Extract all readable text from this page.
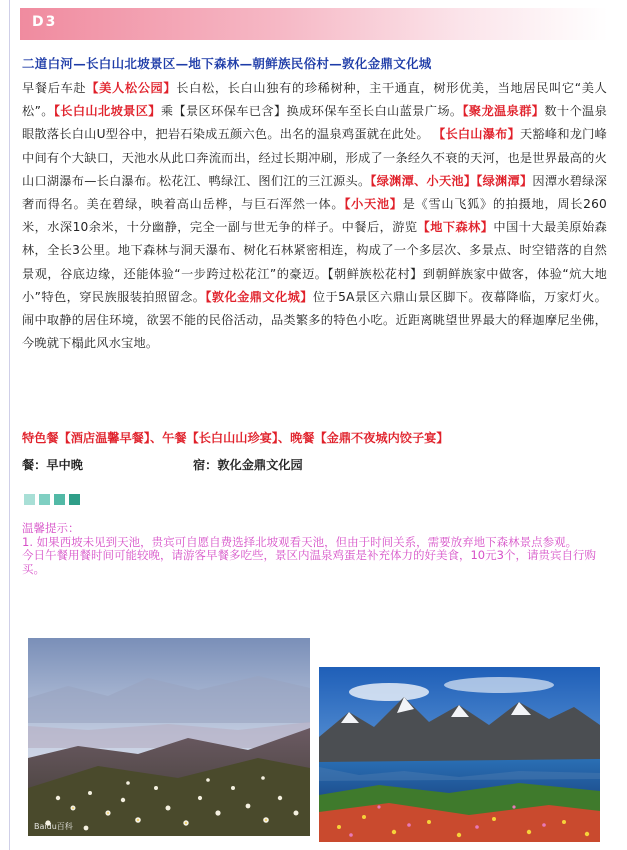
D3
二道白河—长白山北坡景区—地下森林—朝鲜族民俗村—敦化金鼎文化城
早餐后车赴【美人松公园】长白松，长白山独有的珍稀树种，主干通直，树形优美，当地居民叫它“美人松”。【长白山北坡景区】乘【景区环保车已含】换成环保车至长白山蓝景广场。【聚龙温泉群】数十个温泉眼散落长白山U型谷中，把岩石染成五颜六色。出名的温泉鸡蛋就在此处。 【长白山瀑布】天豁峰和龙门峰中间有个大缺口，天池水从此口奔流而出，经过长期冲刷，形成了一条经久不衰的天河，也是世界最高的火山口湖瀑布—长白瀑布。松花江、鸭绿江、图们江的三江源头。【绿渊潭、小天池】【绿渊潭】因潭水碧绿深奢而得名。美在碧绿，映着高山岳桦，与巨石浑然一体。【小天池】是《雪山飞狐》的拍摄地，周长260米，水深10余米，十分幽静，完全一副与世无争的样子。中餐后，游览【地下森林】中国十大最美原始森林，全长3公里。地下森林与洞天瀑布、树化石林紧密相连，构成了一个多层次、多景点、时空错落的自然景观，谷底边缘，还能体验“一步跨过松花江”的豪迈。【朝鲜族松花村】到朝鲜族家中做客，体验“炕大地小”特色，穿民族服装拍照留念。【敦化金鼎文化城】位于5A景区六鼎山景区脚下。夜幕降临，万家灯火。闹中取静的居住环境，欲罢不能的民俗活动，品类繁多的特色小吃。近距离眺望世界最大的释迦摩尼坐佛，今晚就下榻此风水宝地。
特色餐【酒店温馨早餐】、午餐【长白山山珍宴】、晚餐【金鼎不夜城内饺子宴】
餐：早中晚	宿：敦化金鼎文化园
温馨提示：
1. 如果西坡未见到天池，贵宾可自愿自费选择北坡观看天池，但由于时间关系，需要放弃地下森林景点参观。
今日午餐用餐时间可能较晚，请游客早餐多吃些，景区内温泉鸡蛋是补充体力的好美食，10元3个，请贵宾自行购买。
Baidu百科
